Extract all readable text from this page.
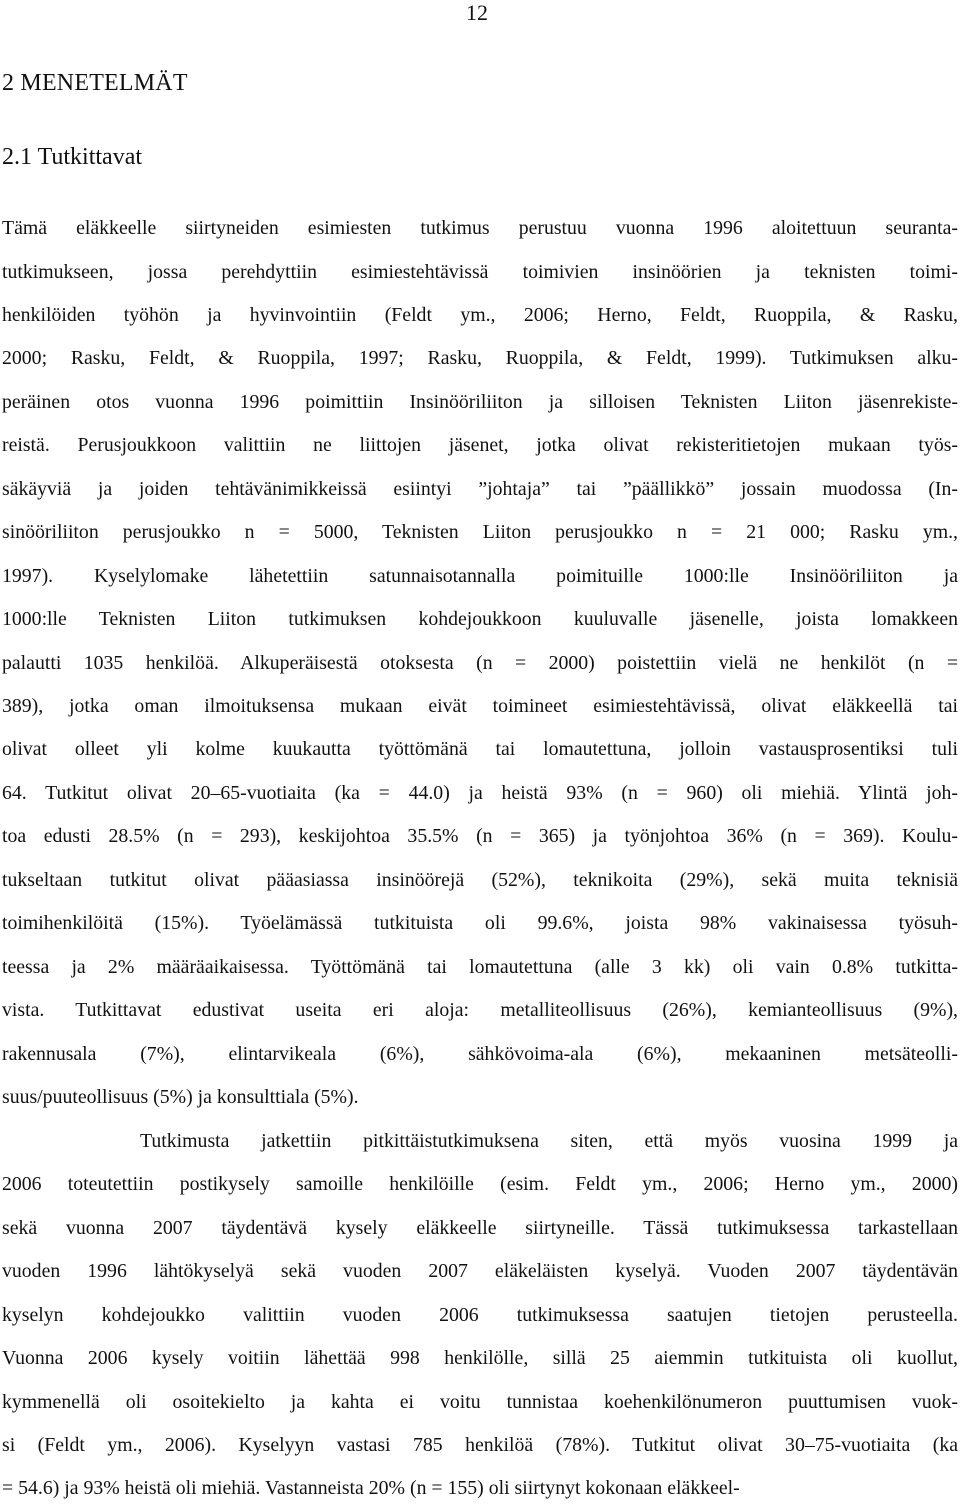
12
2 MENETELMÄT
2.1 Tutkittavat
Tämä eläkkeelle siirtyneiden esimiesten tutkimus perustuu vuonna 1996 aloitettuun seuranta-
tutkimukseen, jossa perehdyttiin esimiestehtävissä toimivien insinöörien ja teknisten toimi-
henkilöiden työhön ja hyvinvointiin (Feldt ym., 2006; Herno, Feldt, Ruoppila, & Rasku,
2000; Rasku, Feldt, & Ruoppila, 1997; Rasku, Ruoppila, & Feldt, 1999). Tutkimuksen alku-
peräinen otos vuonna 1996 poimittiin Insinööriliiton ja silloisen Teknisten Liiton jäsenrekiste-
reistä. Perusjoukkoon valittiin ne liittojen jäsenet, jotka olivat rekisteritietojen mukaan työs-
säkäyviä ja joiden tehtävänimikkeissä esiintyi ”johtaja” tai ”päällikkö” jossain muodossa (In-
sinööriliiton perusjoukko n = 5000, Teknisten Liiton perusjoukko n = 21 000; Rasku ym.,
1997). Kyselylomake lähetettiin satunnaisotannalla poimituille 1000:lle Insinööriliiton ja
1000:lle Teknisten Liiton tutkimuksen kohdejoukkoon kuuluvalle jäsenelle, joista lomakkeen
palautti 1035 henkilöä. Alkuperäisestä otoksesta (n = 2000) poistettiin vielä ne henkilöt (n =
389), jotka oman ilmoituksensa mukaan eivät toimineet esimiestehtävissä, olivat eläkkeellä tai
olivat olleet yli kolme kuukautta työttömänä tai lomautettuna, jolloin vastausprosentiksi tuli
64. Tutkitut olivat 20–65-vuotiaita (ka = 44.0) ja heistä 93% (n = 960) oli miehiä. Ylintä joh-
toa edusti 28.5% (n = 293), keskijohtoa 35.5% (n = 365) ja työnjohtoa 36% (n = 369). Koulu-
tukseltaan tutkitut olivat pääasiassa insinöörejä (52%), teknikoita (29%), sekä muita teknisiä
toimihenkilöitä (15%). Työelämässä tutkituista oli 99.6%, joista 98% vakinaisessa työsuh-
teessa ja 2% määräaikaisessa. Työttömänä tai lomautettuna (alle 3 kk) oli vain 0.8% tutkitta-
vista. Tutkittavat edustivat useita eri aloja: metalliteollisuus (26%), kemianteollisuus (9%),
rakennusala (7%), elintarvikeala (6%), sähkövoima-ala (6%), mekaaninen metsäteolli-
suus/puuteollisuus (5%) ja konsulttiala (5%).
Tutkimusta jatkettiin pitkittäistutkimuksena siten, että myös vuosina 1999 ja
2006 toteutettiin postikysely samoille henkilöille (esim. Feldt ym., 2006; Herno ym., 2000)
sekä vuonna 2007 täydentävä kysely eläkkeelle siirtyneille. Tässä tutkimuksessa tarkastellaan
vuoden 1996 lähtökyselyä sekä vuoden 2007 eläkeläisten kyselyä. Vuoden 2007 täydentävän
kyselyn kohdejoukko valittiin vuoden 2006 tutkimuksessa saatujen tietojen perusteella.
Vuonna 2006 kysely voitiin lähettää 998 henkilölle, sillä 25 aiemmin tutkituista oli kuollut,
kymmenellä oli osoitekielto ja kahta ei voitu tunnistaa koehenkilönumeron puuttumisen vuok-
si (Feldt ym., 2006). Kyselyyn vastasi 785 henkilöä (78%). Tutkitut olivat 30–75-vuotiaita (ka
= 54.6) ja 93% heistä oli miehiä. Vastanneista 20% (n = 155) oli siirtynyt kokonaan eläkkeel-
